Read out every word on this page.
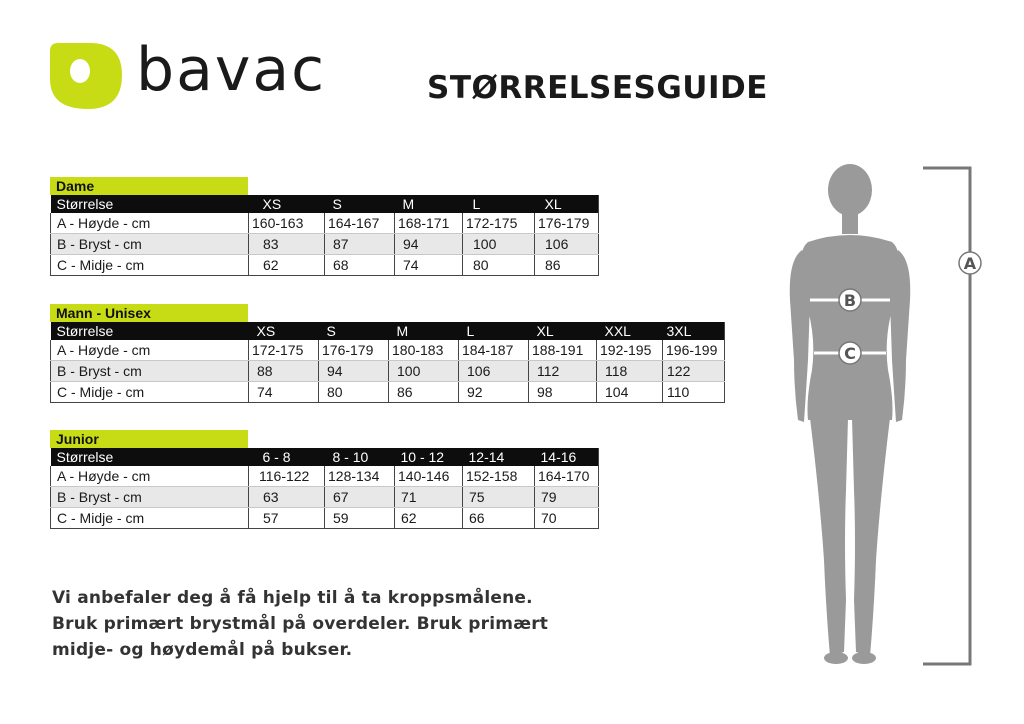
bavac	STØRRELSESGUIDE
Dame
Størrelse	XS	S	M	L	XL
A - Høyde - cm	160-163	164-167	168-171	172-175	176-179
B - Bryst - cm	83	87	94	100	106
C - Midje - cm	62	68	74	80	86
Mann - Unisex
Størrelse	XS	S	M	L	XL	XXL	3XL
A - Høyde - cm	172-175	176-179	180-183	184-187	188-191	192-195	196-199
B - Bryst - cm	88	94	100	106	112	118	122
C - Midje - cm	74	80	86	92	98	104	110
Junior
Størrelse	6 - 8	8 - 10	10 - 12	12-14	14-16
A - Høyde - cm	116-122	128-134	140-146	152-158	164-170
B - Bryst - cm	63	67	71	75	79
C - Midje - cm	57	59	62	66	70
Vi anbefaler deg å få hjelp til å ta kroppsmålene.
Bruk primært brystmål på overdeler. Bruk primært
midje- og høydemål på bukser.
B
C
A
